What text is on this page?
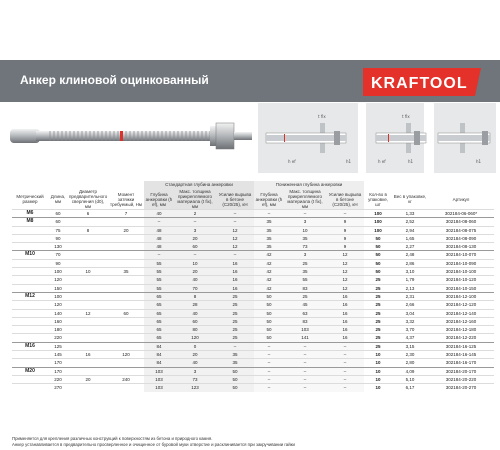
Анкер клиновой оцинкованный	KRAFTOOL
t fix
h ef	h1
t fix
h1
h ef	h1
				Стандартная глубина анкеровки			Пониженная глубина анкеровки					
Метрический размер	Длина, мм	Диаметр предварительного сверления (d0), мм	Момент затяжки требуемый, Нм	Глубина анкеровки (h ef), мм	Макс. толщина прикрепляемого материала (t fix), мм	Усилие вырыва в бетоне (С20/25), кН	Глубина анкеровки (h ef), мм	Макс. толщина прикрепляемого материала (t fix), мм	Усилие вырыва в бетоне (С20/25), кН	Кол-во в упаковке, шт	Вес в упаковке, кг	Артикул
М6	60	6	7	40	2	–	–	–	–	100	1,33	302184-06-060*
М8	60			–	–	–	35	3	9	100	2,52	302184-08-060
	75	8	20	48	3	12	35	10	9	100	2,94	302184-08-075
	90			48	20	12	35	35	9	50	1,65	302184-08-090
	130			48	60	12	35	73	9	50	2,27	302184-08-130
М10	70			–	–	–	42	3	12	50	2,48	302184-10-070
	90			55	10	16	42	25	12	50	2,86	302184-10-090
	100	10	35	55	20	16	42	35	12	50	3,10	302184-10-100
	120			55	40	16	42	55	12	25	1,79	302184-10-120
	150			55	70	16	42	83	12	25	2,13	302184-10-150
М12	100			65	8	25	50	25	16	25	2,31	302184-12-100
	120			65	28	25	50	45	16	25	2,66	302184-12-120
	140	12	60	65	40	25	50	63	16	25	3,04	302184-12-140
	160			65	60	25	50	83	16	25	3,32	302184-12-160
	180			65	80	25	50	103	16	25	3,70	302184-12-180
	220			65	120	25	50	141	16	25	4,37	302184-12-220
М16	125			84	0	–	–	–	–	25	3,15	302184-16-125
	145	16	120	84	20	35	–	–	–	10	2,30	302184-16-145
	170			84	40	35	–	–	–	10	2,80	302184-16-170
М20	170			103	3	50	–	–	–	10	4,09	302184-20-170
	220	20	240	103	73	50	–	–	–	10	5,10	302184-20-220
	270			103	123	50	–	–	–	10	6,17	302184-20-270
Применяется для крепления различных конструкций к поверхностям из бетона и природного камня.
Анкер устанавливается в предварительно просверленное и очищенное от буровой муки отверстие и расклинивается при закручивании гайки
